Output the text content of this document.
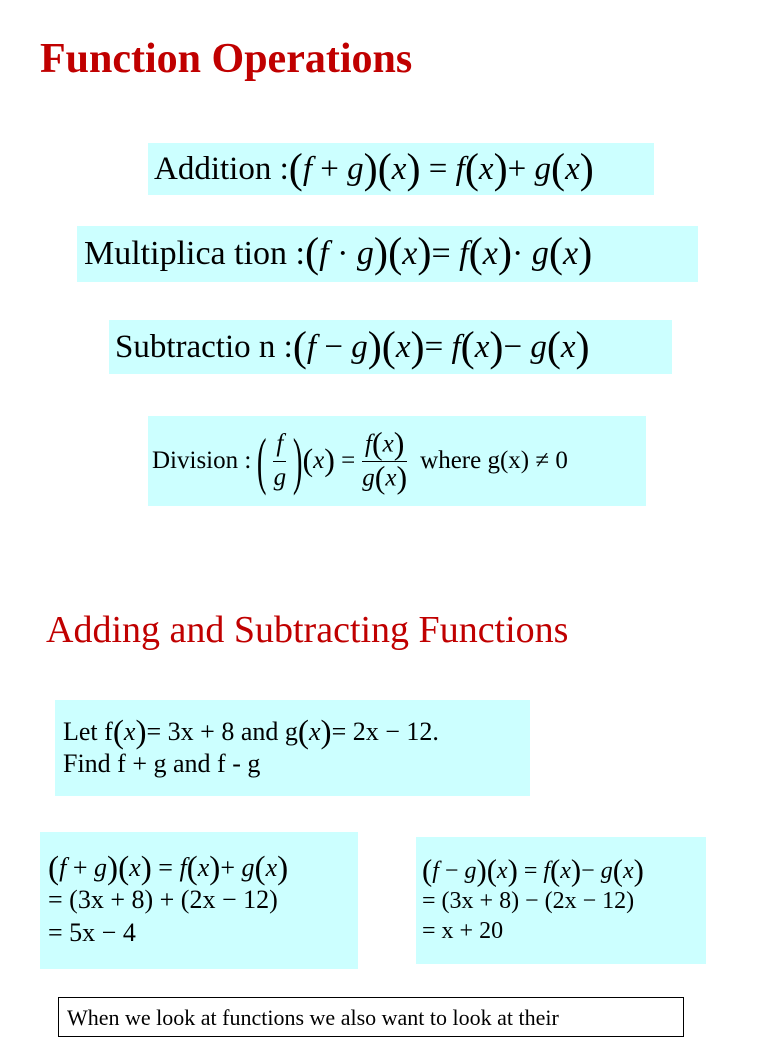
Function Operations
Addition : (f + g)(x) = f(x)+ g(x)
Multiplica tion : (f · g)(x)= f(x)· g(x)
Subtractio n : (f − g)(x)= f(x)− g(x)
Division : ( $\frac{f}{g}$ ) $(x) = \frac{f(x)}{g(x)}$ where g(x) ≠ 0
Adding and Subtracting Functions
Let f(x)= 3x + 8 and g(x)= 2x − 12.
Find f + g and f - g
(f + g)(x) = f(x)+ g(x)
= (3x + 8) + (2x − 12)
= 5x − 4
(f − g)(x) = f(x)− g(x)
= (3x + 8) − (2x − 12)
= x + 20
When we look at functions we also want to look at their
